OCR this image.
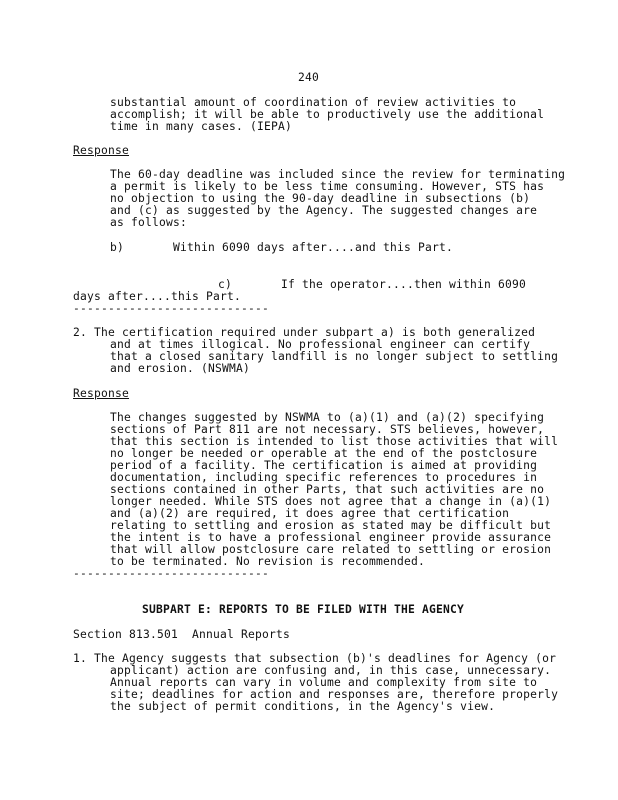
240
substantial amount of coordination of review activities to
accomplish; it will be able to productively use the additional
time in many cases. (IEPA)
Response
The 60-day deadline was included since the review for terminating
a permit is likely to be less time consuming. However, STS has
no objection to using the 90-day deadline in subsections (b)
and (c) as suggested by the Agency. The suggested changes are
as follows:
b)       Within 6090 days after....and this Part.
c)       If the operator....then within 6090
days after....this Part.
----------------------------
2. The certification required under subpart a) is both generalized
and at times illogical. No professional engineer can certify
that a closed sanitary landfill is no longer subject to settling
and erosion. (NSWMA)
Response
The changes suggested by NSWMA to (a)(1) and (a)(2) specifying
sections of Part 811 are not necessary. STS believes, however,
that this section is intended to list those activities that will
no longer be needed or operable at the end of the postclosure
period of a facility. The certification is aimed at providing
documentation, including specific references to procedures in
sections contained in other Parts, that such activities are no
longer needed. While STS does not agree that a change in (a)(1)
and (a)(2) are required, it does agree that certification
relating to settling and erosion as stated may be difficult but
the intent is to have a professional engineer provide assurance
that will allow postclosure care related to settling or erosion
to be terminated. No revision is recommended.
----------------------------
SUBPART E: REPORTS TO BE FILED WITH THE AGENCY
Section 813.501  Annual Reports
1. The Agency suggests that subsection (b)'s deadlines for Agency (or
applicant) action are confusing and, in this case, unnecessary.
Annual reports can vary in volume and complexity from site to
site; deadlines for action and responses are, therefore properly
the subject of permit conditions, in the Agency's view.
